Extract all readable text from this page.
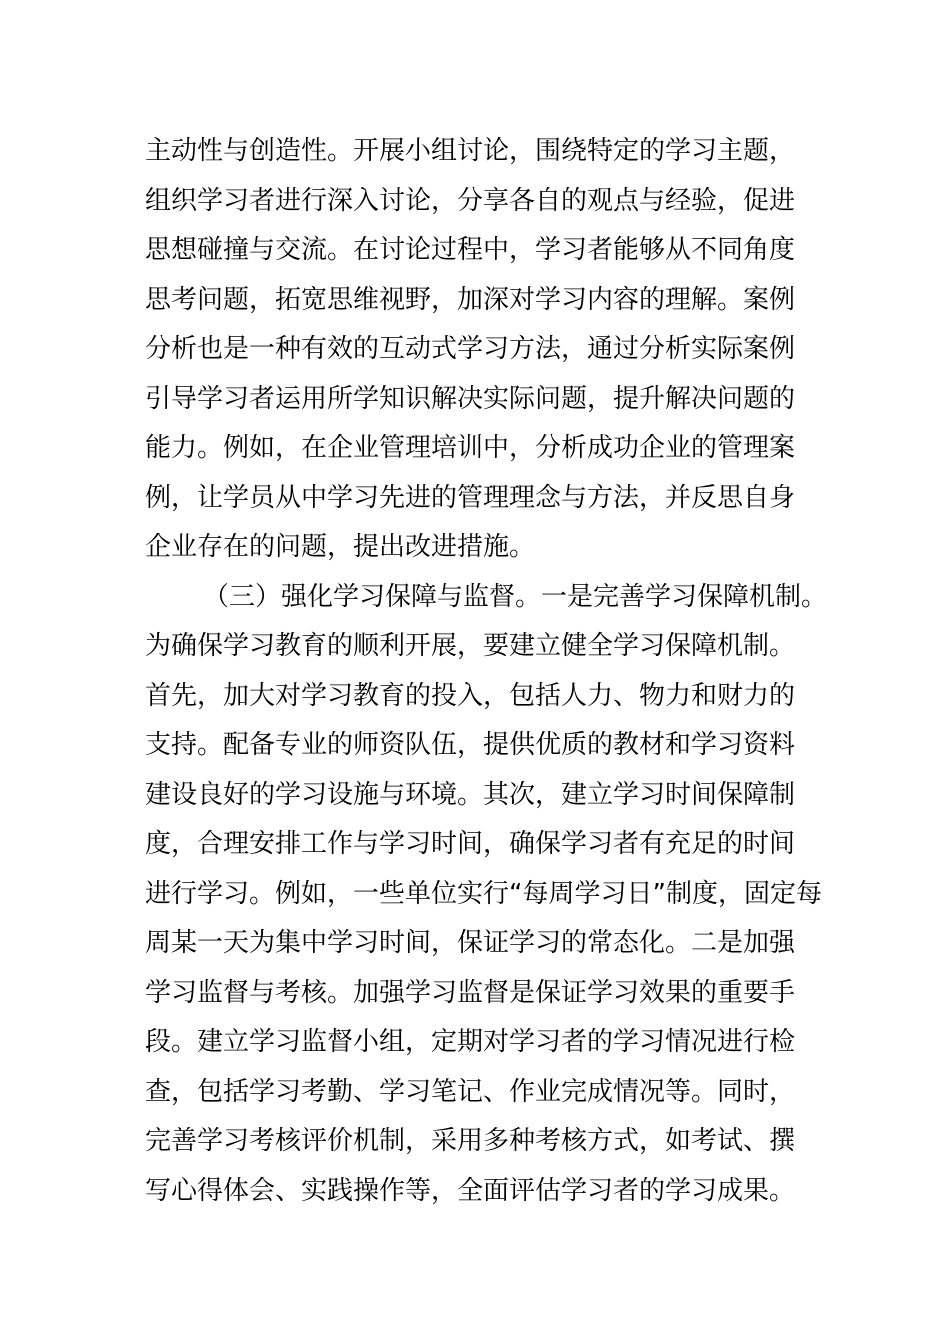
主动性与创造性。开展小组讨论，围绕特定的学习主题，
组织学习者进行深入讨论，分享各自的观点与经验，促进
思想碰撞与交流。在讨论过程中，学习者能够从不同角度
思考问题，拓宽思维视野，加深对学习内容的理解。案例
分析也是一种有效的互动式学习方法，通过分析实际案例
引导学习者运用所学知识解决实际问题，提升解决问题的
能力。例如，在企业管理培训中，分析成功企业的管理案
例，让学员从中学习先进的管理理念与方法，并反思自身
企业存在的问题，提出改进措施。
（三）强化学习保障与监督。一是完善学习保障机制。
为确保学习教育的顺利开展，要建立健全学习保障机制。
首先，加大对学习教育的投入，包括人力、物力和财力的
支持。配备专业的师资队伍，提供优质的教材和学习资料
建设良好的学习设施与环境。其次，建立学习时间保障制
度，合理安排工作与学习时间，确保学习者有充足的时间
进行学习。例如，一些单位实行“每周学习日”制度，固定每
周某一天为集中学习时间，保证学习的常态化。二是加强
学习监督与考核。加强学习监督是保证学习效果的重要手
段。建立学习监督小组，定期对学习者的学习情况进行检
查，包括学习考勤、学习笔记、作业完成情况等。同时，
完善学习考核评价机制，采用多种考核方式，如考试、撰
写心得体会、实践操作等，全面评估学习者的学习成果。
